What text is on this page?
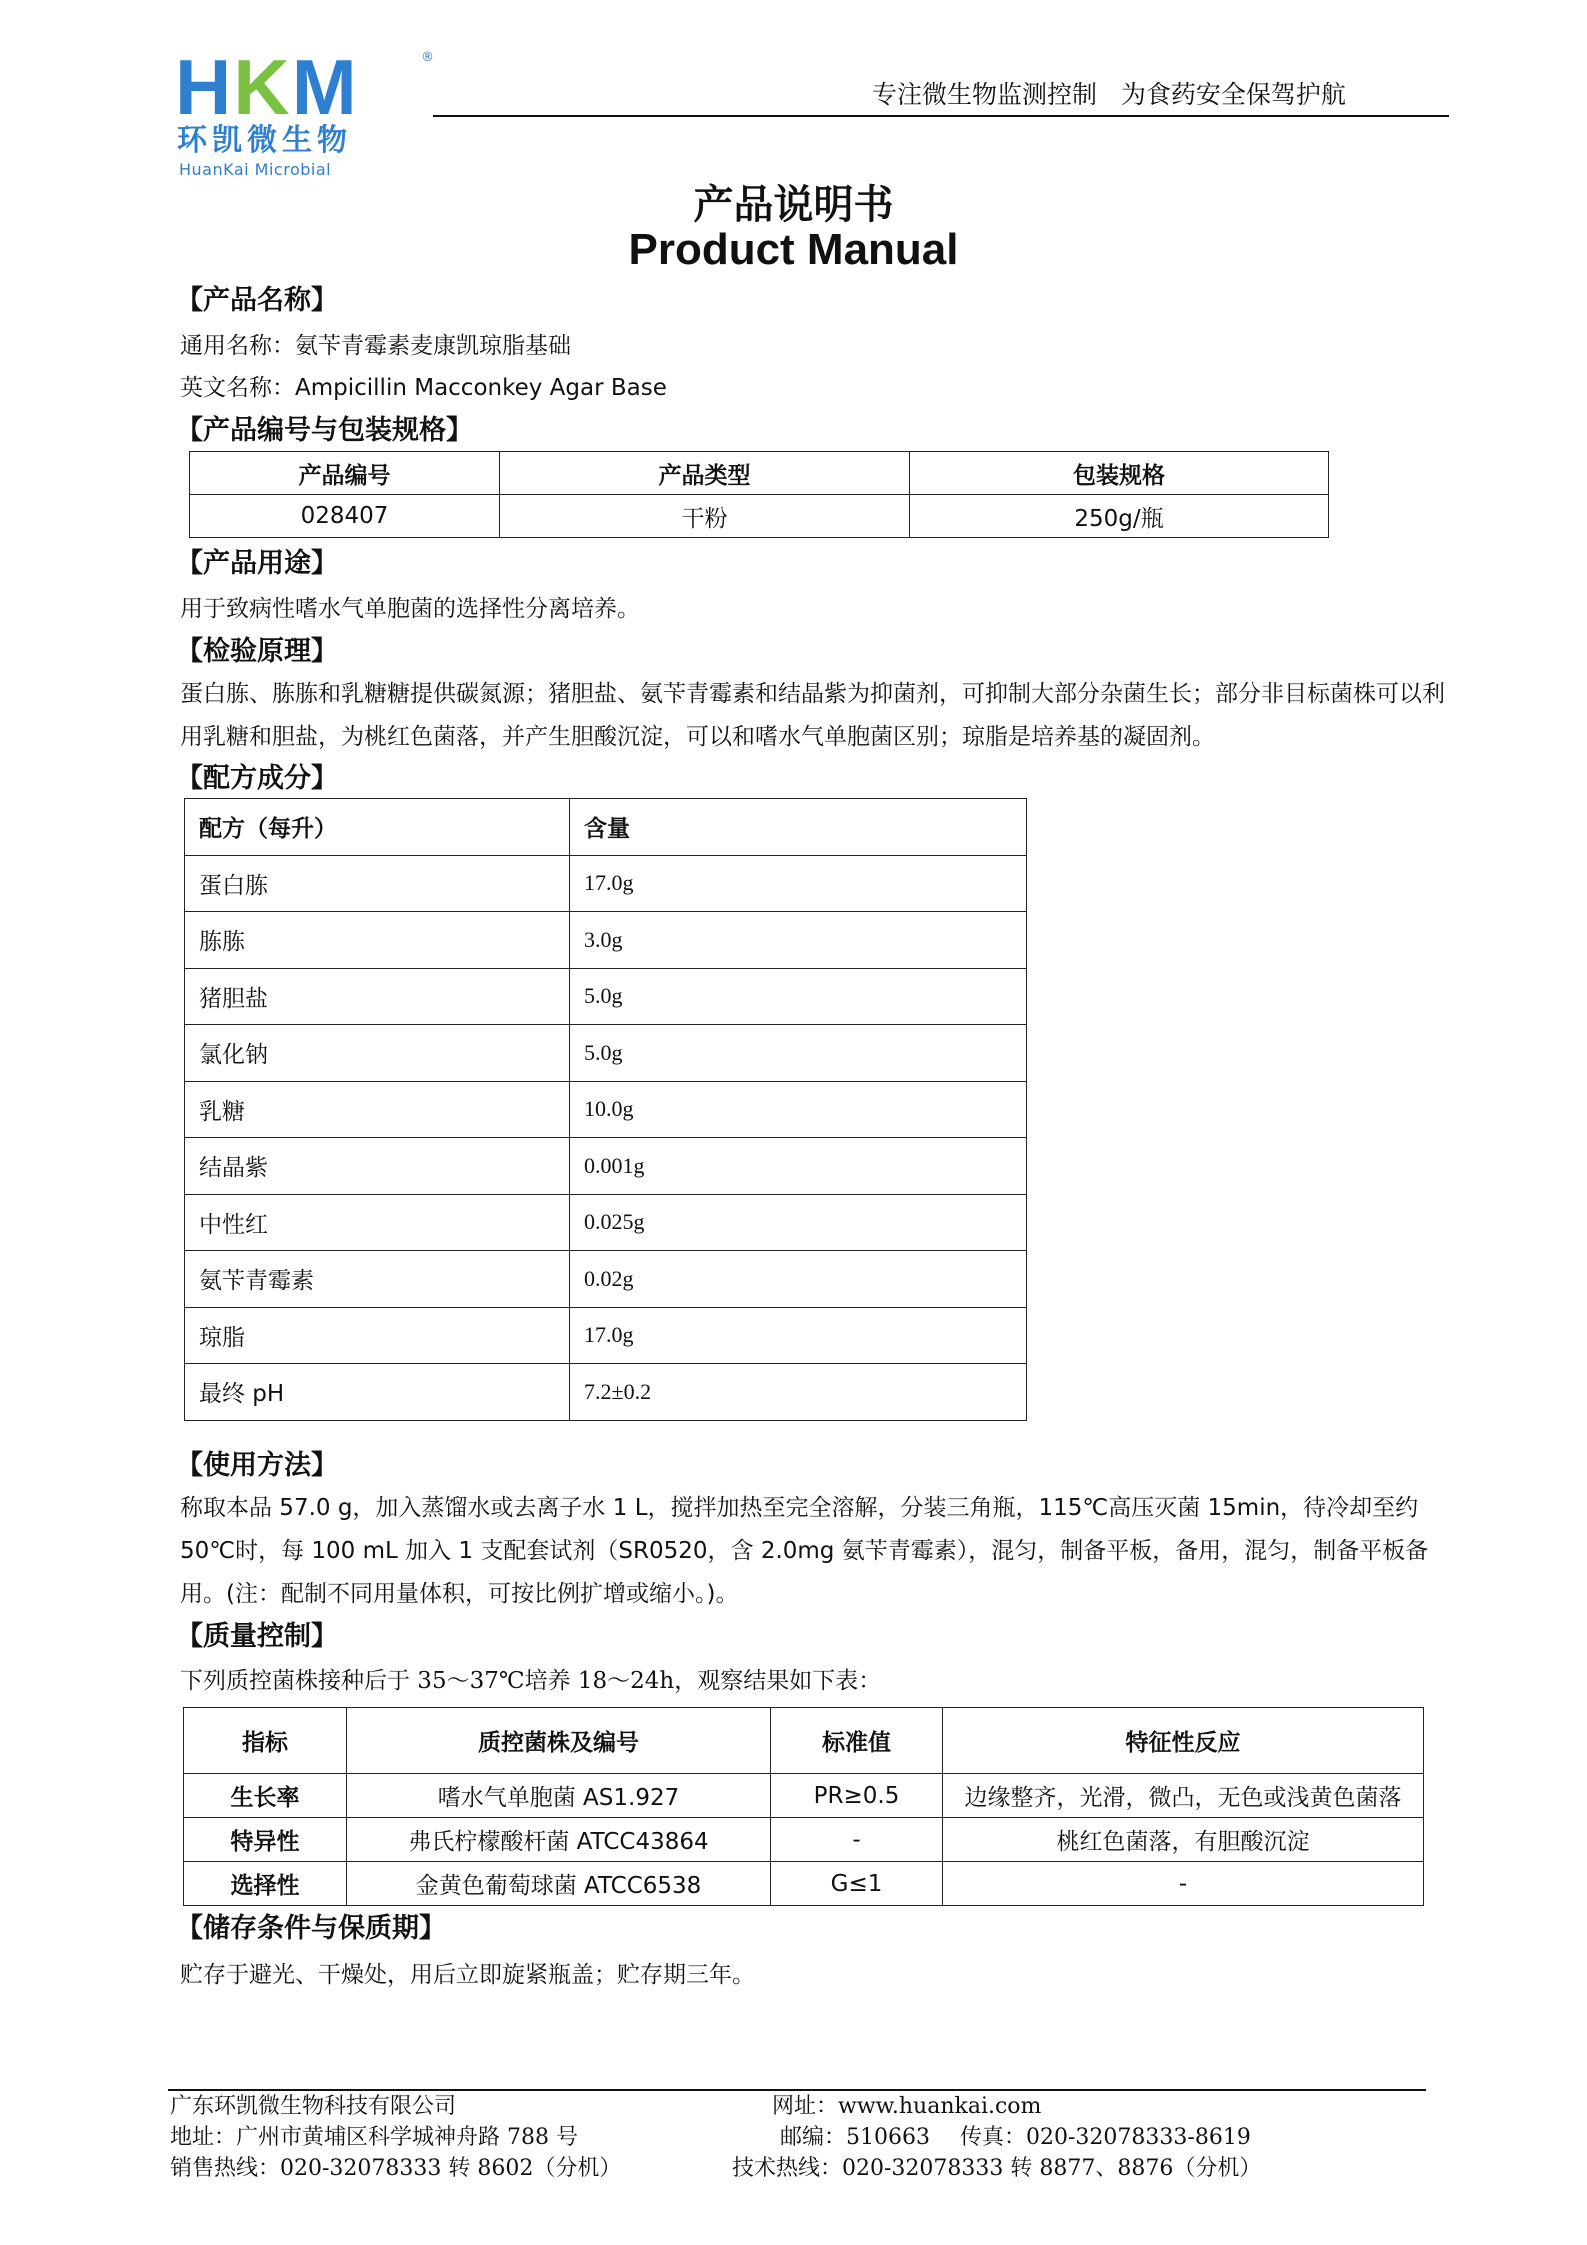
HKM	®
环凯微生物
HuanKai Microbial
专注微生物监测控制   为食药安全保驾护航
产品说明书
Product Manual
【产品名称】
通用名称：氨苄青霉素麦康凯琼脂基础
英文名称：Ampicillin Macconkey Agar Base
【产品编号与包装规格】
产品编号	产品类型	包装规格
028407	干粉	250g/瓶
【产品用途】
用于致病性嗜水气单胞菌的选择性分离培养。
【检验原理】
蛋白胨、胨胨和乳糖糖提供碳氮源；猪胆盐、氨苄青霉素和结晶紫为抑菌剂，可抑制大部分杂菌生长；部分非目标菌株可以利用乳糖和胆盐，为桃红色菌落，并产生胆酸沉淀，可以和嗜水气单胞菌区别；琼脂是培养基的凝固剂。
【配方成分】
配方（每升）	含量
蛋白胨	17.0g
胨胨	3.0g
猪胆盐	5.0g
氯化钠	5.0g
乳糖	10.0g
结晶紫	0.001g
中性红	0.025g
氨苄青霉素	0.02g
琼脂	17.0g
最终 pH	7.2±0.2
【使用方法】
称取本品 57.0 g，加入蒸馏水或去离子水 1 L，搅拌加热至完全溶解，分装三角瓶，115℃高压灭菌 15min，待冷却至约 50℃时，每 100 mL 加入 1 支配套试剂（SR0520，含 2.0mg 氨苄青霉素），混匀，制备平板，备用，混匀，制备平板备用。(注：配制不同用量体积，可按比例扩增或缩小。)。
【质量控制】
下列质控菌株接种后于 35～37℃培养 18～24h，观察结果如下表：
指标	质控菌株及编号	标准值	特征性反应
生长率	嗜水气单胞菌 AS1.927	PR≥0.5	边缘整齐，光滑，微凸，无色或浅黄色菌落
特异性	弗氏柠檬酸杆菌 ATCC43864	-	桃红色菌落，有胆酸沉淀
选择性	金黄色葡萄球菌 ATCC6538	G≤1	-
【储存条件与保质期】
贮存于避光、干燥处，用后立即旋紧瓶盖；贮存期三年。
广东环凯微生物科技有限公司	网址：www.huankai.com
地址：广州市黄埔区科学城神舟路 788 号	邮编：510663 传真：020-32078333-8619
销售热线：020-32078333 转 8602（分机）	技术热线：020-32078333 转 8877、8876（分机）
